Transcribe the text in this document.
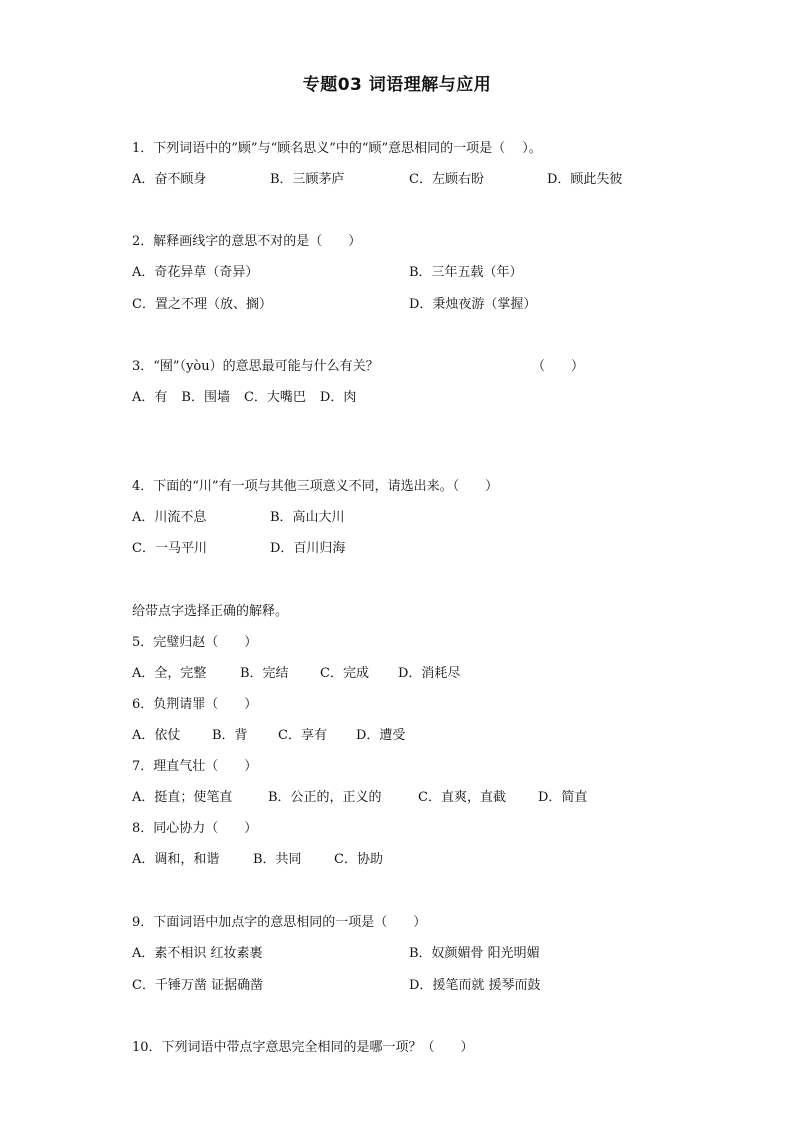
专题03 词语理解与应用
1．下列词语中的”顾”与“顾名思义”中的“顾”意思相同的一项是（　 ）。
A．奋不顾身	B．三顾茅庐	C．左顾右盼	D．顾此失彼
2．解释画线字的意思不对的是（　　）
A．奇花异草（奇异）	B．三年五载（年）
C．置之不理（放、搁）	D．秉烛夜游（掌握）
3．“囿”（yòu）的意思最可能与什么有关？	（　　）
A．有 B．围墙 C．大嘴巴 D．肉
4．下面的“川”有一项与其他三项意义不同，请选出来。（　　）
A．川流不息	B．高山大川
C．一马平川	D．百川归海
给带点字选择正确的解释。
5．完璧归赵（　　）
A．全，完整	B．完结 C．完成 D．消耗尽
6．负荆请罪（　　）
A．依仗 B．背 C．享有 D．遭受
7．理直气壮（　　）
A．挺直；使笔直	B．公正的，正义的	C．直爽，直截 D．简直
8．同心协力（　　）
A．调和，和谐	B．共同 C．协助
9．下面词语中加点字的意思相同的一项是（　　）
A．素不相识 红妆素裹	B．奴颜媚骨 阳光明媚
C．千锤万凿 证据确凿	D．援笔而就 援琴而鼓
10．下列词语中带点字意思完全相同的是哪一项？（　　）
